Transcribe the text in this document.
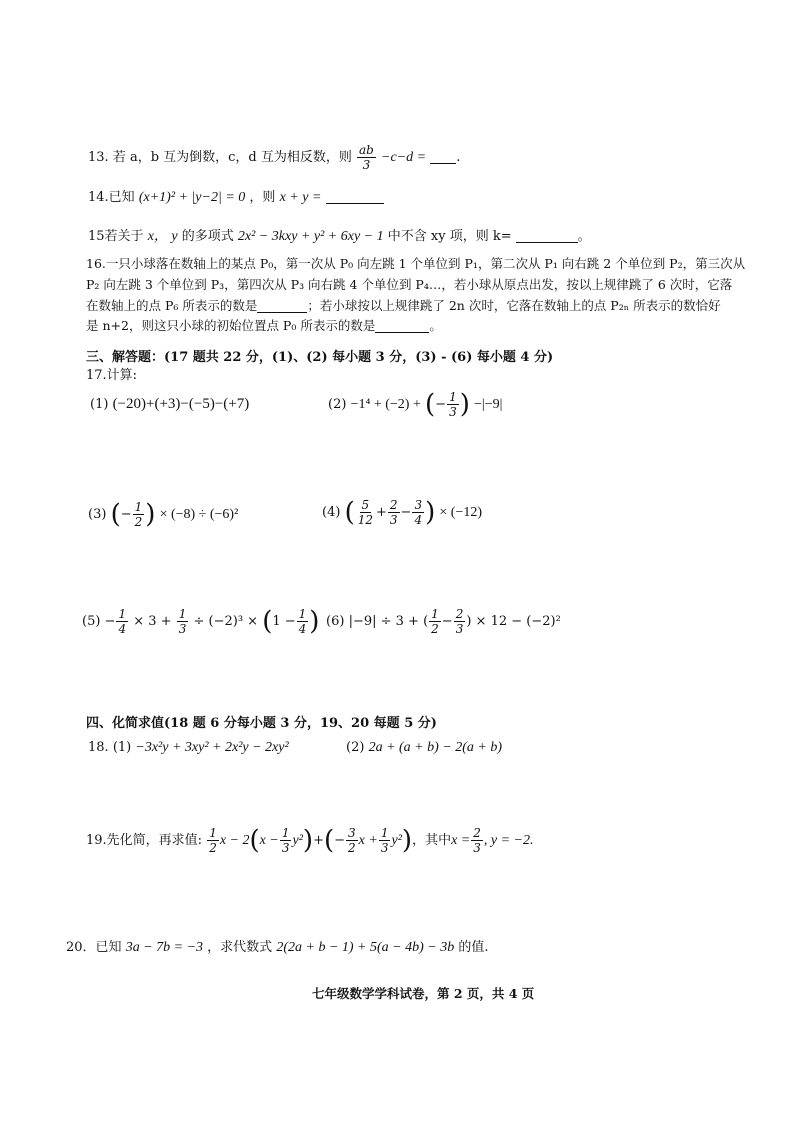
13. 若 a，b 互为倒数，c，d 互为相反数，则 $\frac{ab}{3} -c-d$ = .
14.已知 (x+1)² + |y−2| = 0 ，则 x + y =
15若关于 x， y 的多项式 2x² − 3kxy + y² + 6xy − 1 中不含 xy 项，则 k=	。
16.一只小球落在数轴上的某点 P₀，第一次从 P₀ 向左跳 1 个单位到 P₁，第二次从 P₁ 向右跳 2 个单位到 P₂，第三次从
P₂ 向左跳 3 个单位到 P₃，第四次从 P₃ 向右跳 4 个单位到 P₄…，若小球从原点出发，按以上规律跳了 6 次时，它落
在数轴上的点 P₆ 所表示的数是	；若小球按以上规律跳了 2n 次时，它落在数轴上的点 P₂ₙ 所表示的数恰好
是 n+2，则这只小球的初始位置点 P₀ 所表示的数是	。
三、解答题：(17 题共 22 分，(1)、(2) 每小题 3 分，(3) - (6) 每小题 4 分)
17.计算:
(1) (−20)+(+3)−(−5)−(+7)	(2) −1⁴ + (−2) + (− $\frac{1}{3}$ ) −|−9|
(3) (− $\frac{1}{2}$ ) × (−8) ÷ (−6)²	(4) ( $\frac{5}{12} + \frac{2}{3} - \frac{3}{4}$ ) × (−12)
$(5) - \frac{1}{4} \times 3 + \frac{1}{3} \div (-2)^3 \times (1 - \frac{1}{4}$ ) (6) |−9| ÷ 3 + ( $\frac{1}{2} - \frac{2}{3}$ ) × 12 − (−2)²
四、化简求值(18 题 6 分每小题 3 分，19、20 每题 5 分)
18. (1) −3x²y + 3xy² + 2x²y − 2xy²	(2) 2a + (a + b) − 2(a + b)
19.先化简，再求值: $\frac{1}{2}$ $x - 2(x - \frac{1}{3} y^2)+(- \frac{3}{2}$ $x + \frac{1}{3} y^2$)，其中$x = \frac{2}{3}$ , y = −2.
20．已知 3a − 7b = −3 ，求代数式 2(2a + b − 1) + 5(a − 4b) − 3b 的值.
七年级数学学科试卷，第 2 页，共 4 页
